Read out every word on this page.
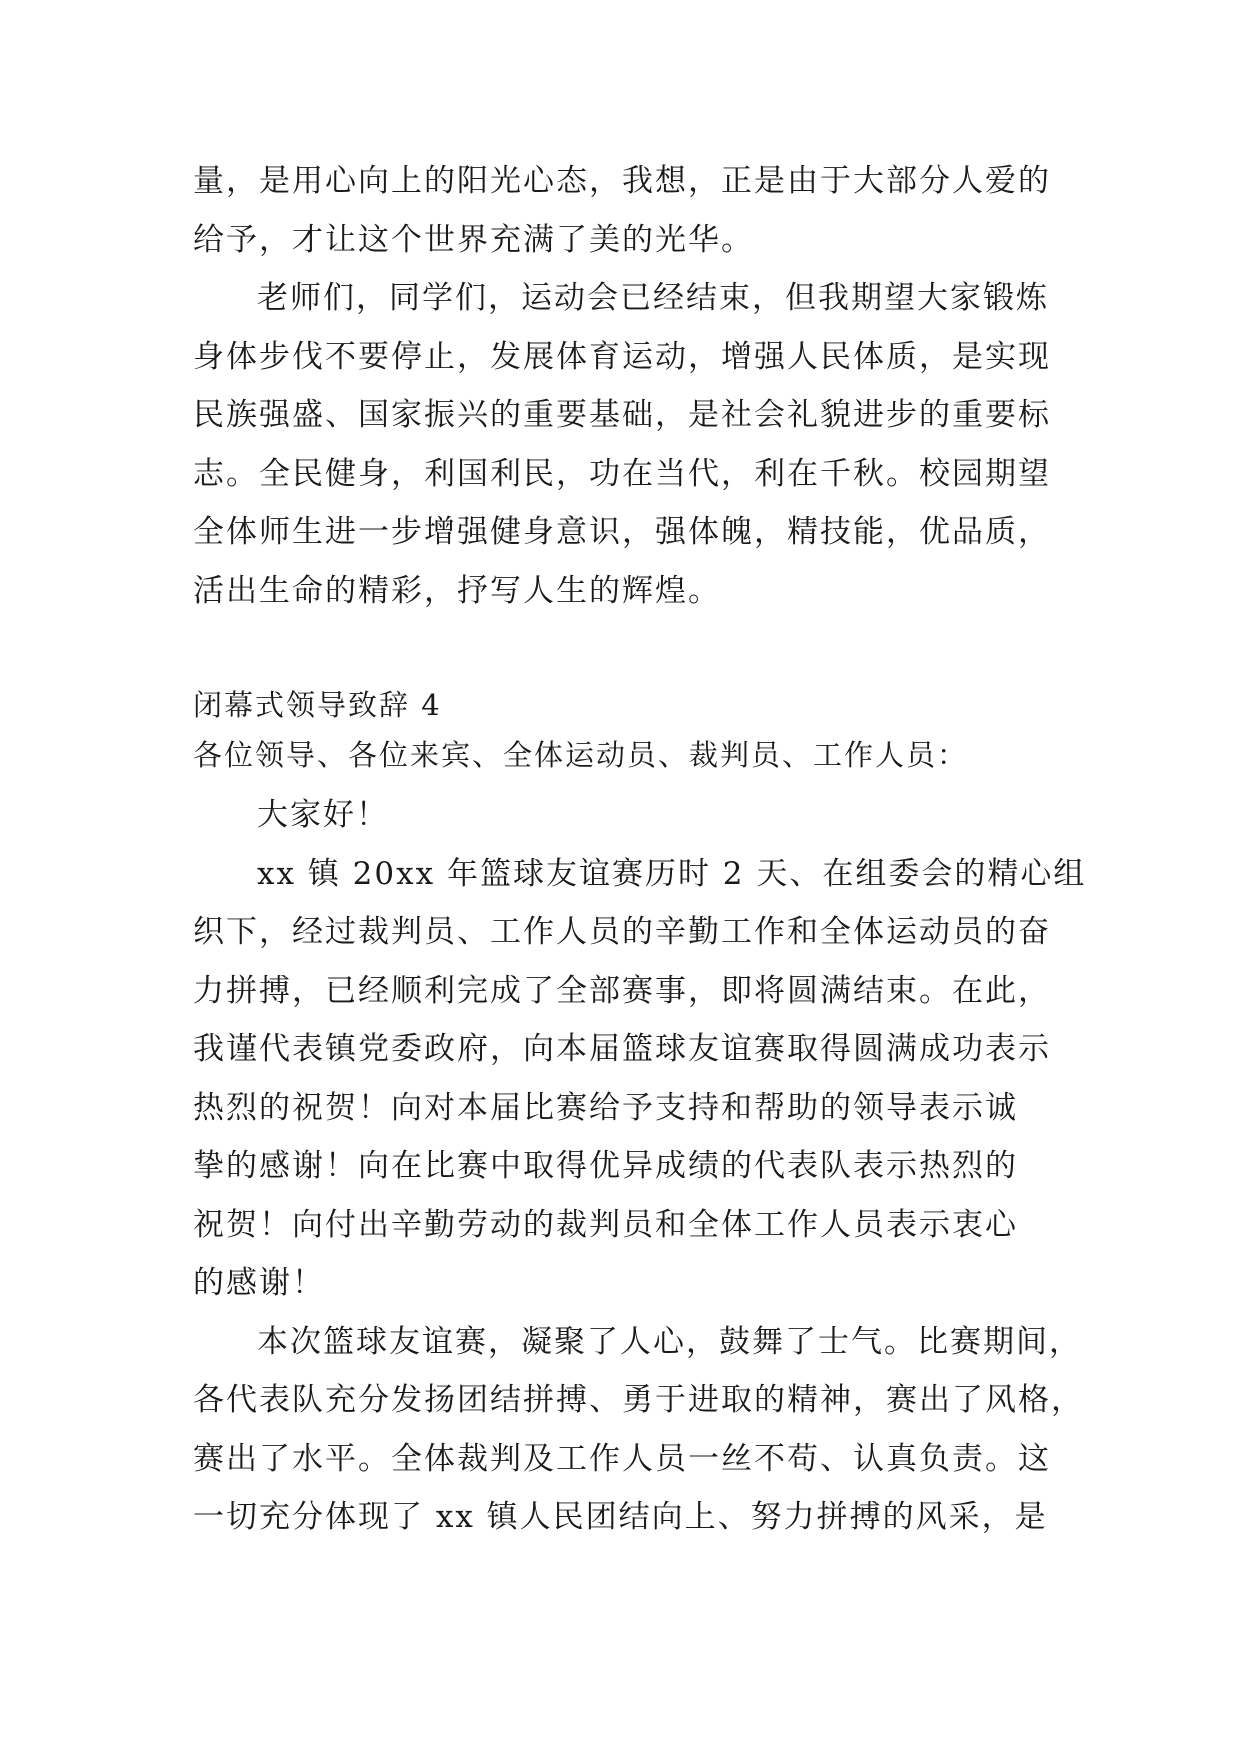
量，是用心向上的阳光心态，我想，正是由于大部分人爱的
给予，才让这个世界充满了美的光华。
老师们，同学们，运动会已经结束，但我期望大家锻炼
身体步伐不要停止，发展体育运动，增强人民体质，是实现
民族强盛、国家振兴的重要基础，是社会礼貌进步的重要标
志。全民健身，利国利民，功在当代，利在千秋。校园期望
全体师生进一步增强健身意识，强体魄，精技能，优品质，
活出生命的精彩，抒写人生的辉煌。
闭幕式领导致辞 4
各位领导、各位来宾、全体运动员、裁判员、工作人员：
大家好！
xx 镇 20xx 年篮球友谊赛历时 2 天、在组委会的精心组
织下，经过裁判员、工作人员的辛勤工作和全体运动员的奋
力拼搏，已经顺利完成了全部赛事，即将圆满结束。在此，
我谨代表镇党委政府，向本届篮球友谊赛取得圆满成功表示
热烈的祝贺！向对本届比赛给予支持和帮助的领导表示诚
挚的感谢！向在比赛中取得优异成绩的代表队表示热烈的
祝贺！向付出辛勤劳动的裁判员和全体工作人员表示衷心
的感谢！
本次篮球友谊赛，凝聚了人心，鼓舞了士气。比赛期间，
各代表队充分发扬团结拼搏、勇于进取的精神，赛出了风格，
赛出了水平。全体裁判及工作人员一丝不苟、认真负责。这
一切充分体现了 xx 镇人民团结向上、努力拼搏的风采，是
